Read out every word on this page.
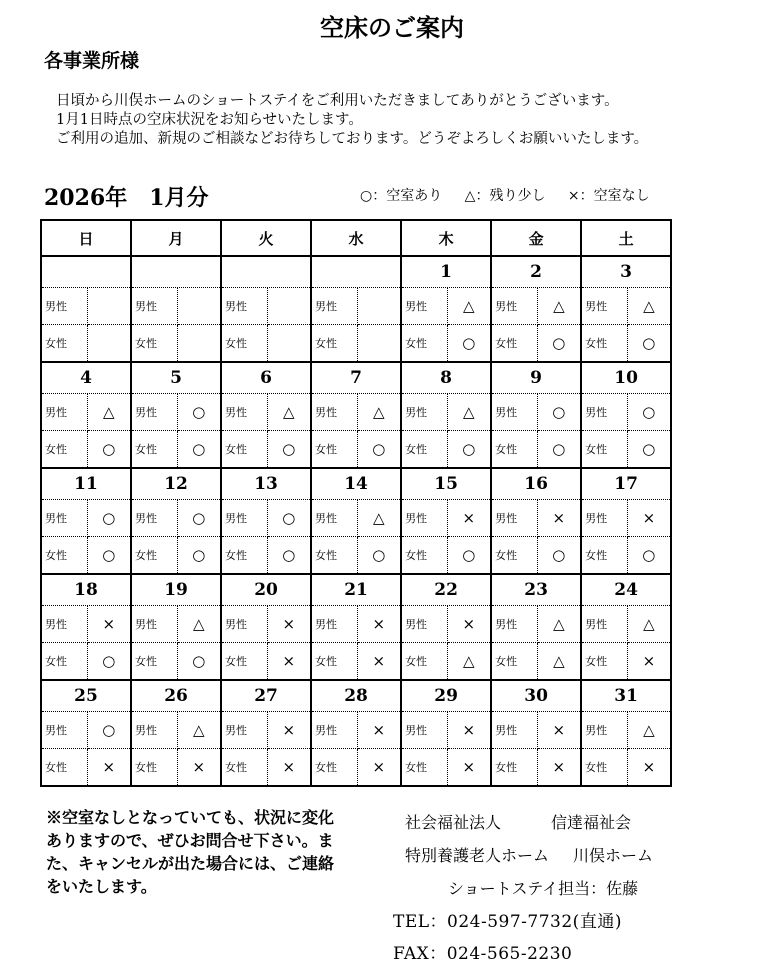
空床のご案内
各事業所様
日頃から川俣ホームのショートステイをご利用いただきましてありがとうございます。
1月1日時点の空床状況をお知らせいたします。
ご利用の追加、新規のご相談などお待ちしております。どうぞよろしくお願いいたします。
2026年　1月分	○：空室あり △：残り少し ×：空室なし
日		月		火		水		木		金		土	
								1		2		3	
男性		男性		男性		男性		男性	△	男性	△	男性	△
女性		女性		女性		女性		女性	○	女性	○	女性	○
4		5		6		7		8		9		10	
男性	△	男性	○	男性	△	男性	△	男性	△	男性	○	男性	○
女性	○	女性	○	女性	○	女性	○	女性	○	女性	○	女性	○
11		12		13		14		15		16		17	
男性	○	男性	○	男性	○	男性	△	男性	×	男性	×	男性	×
女性	○	女性	○	女性	○	女性	○	女性	○	女性	○	女性	○
18		19		20		21		22		23		24	
男性	×	男性	△	男性	×	男性	×	男性	×	男性	△	男性	△
女性	○	女性	○	女性	×	女性	×	女性	△	女性	△	女性	×
25		26		27		28		29		30		31	
男性	○	男性	△	男性	×	男性	×	男性	×	男性	×	男性	△
女性	×	女性	×	女性	×	女性	×	女性	×	女性	×	女性	×
※空室なしとなっていても、状況に変化ありますので、ぜひお問合せ下さい。また、キャンセルが出た場合には、ご連絡をいたします。
社会福祉法人	信達福祉会
特別養護老人ホーム 川俣ホーム
ショートステイ担当：佐藤
TEL：024-597-7732(直通)
FAX：024-565-2230
